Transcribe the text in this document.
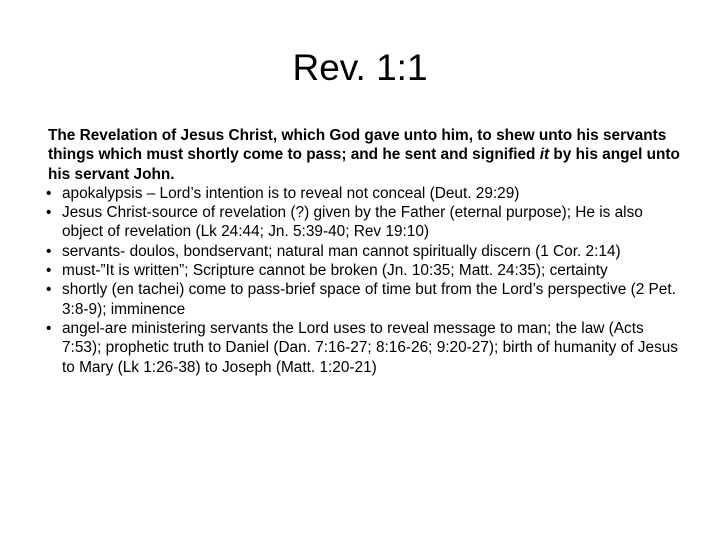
Rev. 1:1
The Revelation of Jesus Christ, which God gave unto him, to shew unto his servants things which must shortly come to pass; and he sent and signified it by his angel unto his servant John.
• apokalypsis – Lord’s intention is to reveal not conceal (Deut. 29:29)
• Jesus Christ-source of revelation (?) given by the Father (eternal purpose); He is also object of revelation (Lk 24:44; Jn. 5:39-40; Rev 19:10)
• servants- doulos, bondservant; natural man cannot spiritually discern (1 Cor. 2:14)
• must-”It is written”; Scripture cannot be broken (Jn. 10:35; Matt. 24:35); certainty
• shortly (en tachei) come to pass-brief space of time but from the Lord’s perspective (2 Pet. 3:8-9); imminence
• angel-are ministering servants the Lord uses to reveal message to man; the law (Acts 7:53); prophetic truth to Daniel (Dan. 7:16-27; 8:16-26; 9:20-27); birth of humanity of Jesus to Mary (Lk 1:26-38) to Joseph (Matt. 1:20-21)
